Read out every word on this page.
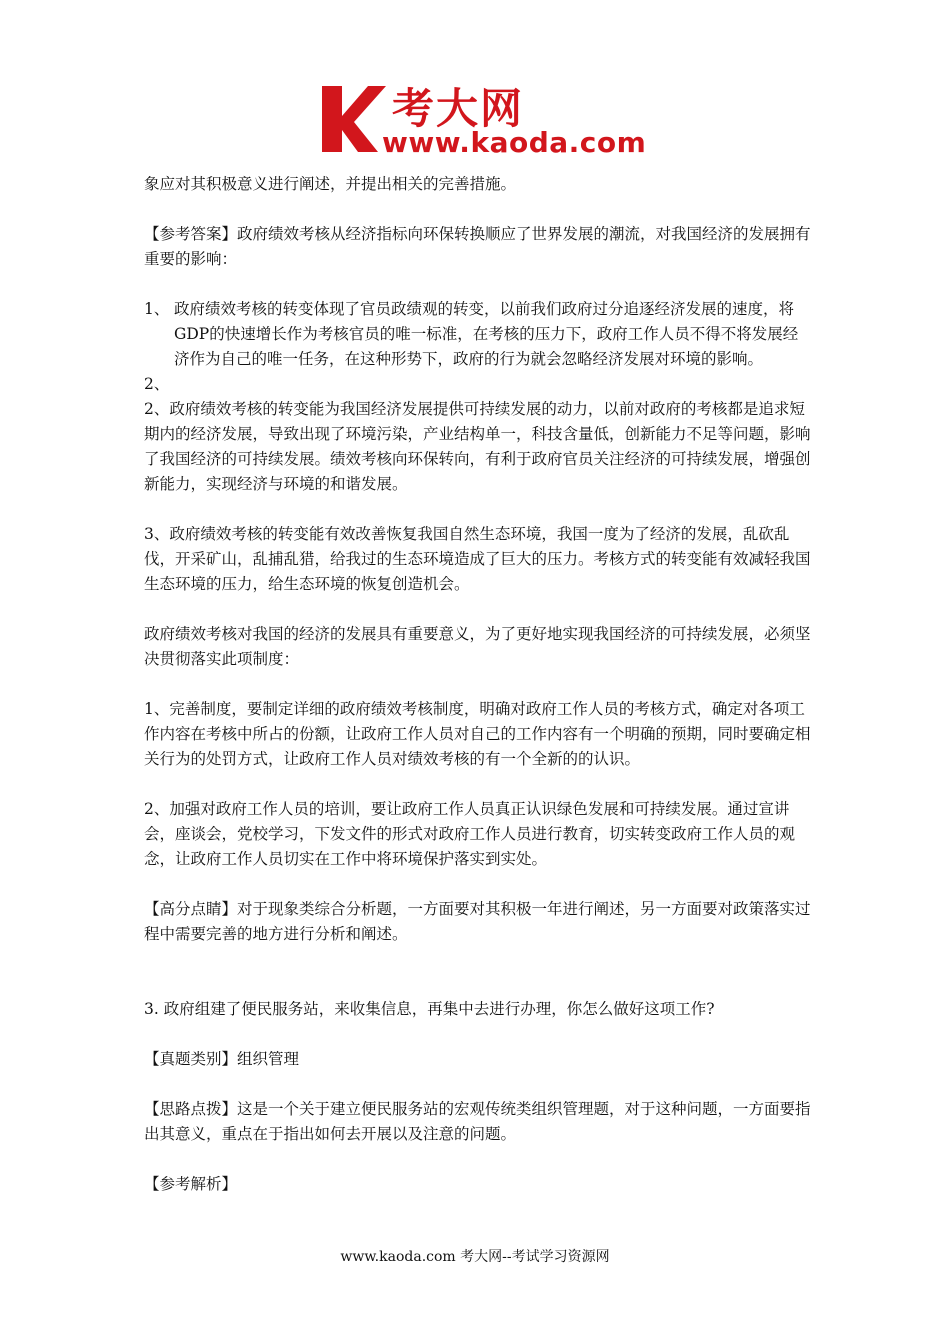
考大网
www.kaoda.com

象应对其积极意义进行阐述，并提出相关的完善措施。

【参考答案】政府绩效考核从经济指标向环保转换顺应了世界发展的潮流，对我国经济的发展拥有重要的影响：

1、 政府绩效考核的转变体现了官员政绩观的转变，以前我们政府过分追逐经济发展的速度，将GDP的快速增长作为考核官员的唯一标准，在考核的压力下，政府工作人员不得不将发展经济作为自己的唯一任务，在这种形势下，政府的行为就会忽略经济发展对环境的影响。

2、

2、政府绩效考核的转变能为我国经济发展提供可持续发展的动力，以前对政府的考核都是追求短期内的经济发展，导致出现了环境污染，产业结构单一，科技含量低，创新能力不足等问题，影响了我国经济的可持续发展。绩效考核向环保转向，有利于政府官员关注经济的可持续发展，增强创新能力，实现经济与环境的和谐发展。

3、政府绩效考核的转变能有效改善恢复我国自然生态环境，我国一度为了经济的发展，乱砍乱伐，开采矿山，乱捕乱猎，给我过的生态环境造成了巨大的压力。考核方式的转变能有效减轻我国生态环境的压力，给生态环境的恢复创造机会。

政府绩效考核对我国的经济的发展具有重要意义，为了更好地实现我国经济的可持续发展，必须坚决贯彻落实此项制度：

1、完善制度，要制定详细的政府绩效考核制度，明确对政府工作人员的考核方式，确定对各项工作内容在考核中所占的份额，让政府工作人员对自己的工作内容有一个明确的预期，同时要确定相关行为的处罚方式，让政府工作人员对绩效考核的有一个全新的的认识。

2、加强对政府工作人员的培训，要让政府工作人员真正认识绿色发展和可持续发展。通过宣讲会，座谈会，党校学习，下发文件的形式对政府工作人员进行教育，切实转变政府工作人员的观念，让政府工作人员切实在工作中将环境保护落实到实处。

【高分点睛】对于现象类综合分析题，一方面要对其积极一年进行阐述，另一方面要对政策落实过程中需要完善的地方进行分析和阐述。

3. 政府组建了便民服务站，来收集信息，再集中去进行办理，你怎么做好这项工作?

【真题类别】组织管理

【思路点拨】这是一个关于建立便民服务站的宏观传统类组织管理题，对于这种问题，一方面要指出其意义，重点在于指出如何去开展以及注意的问题。

【参考解析】

www.kaoda.com 考大网--考试学习资源网
